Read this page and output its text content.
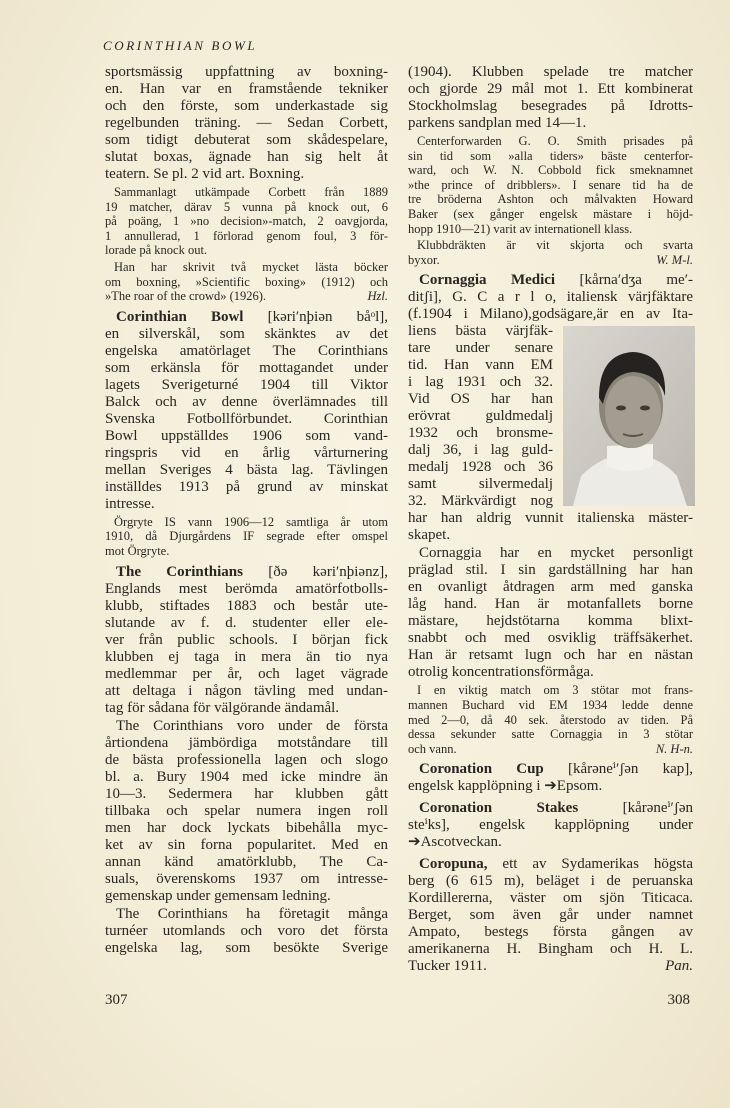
CORINTHIAN BOWL
sportsmässig uppfattning av boxning-
en. Han var en framstående tekniker
och den förste, som underkastade sig
regelbunden träning. — Sedan Corbett,
som tidigt debuterat som skådespelare,
slutat boxas, ägnade han sig helt åt
teatern. Se pl. 2 vid art. Boxning.
Sammanlagt utkämpade Corbett från 1889
19 matcher, därav 5 vunna på knock out, 6
på poäng, 1 »no decision»-match, 2 oavgjorda,
1 annullerad, 1 förlorad genom foul, 3 för-
lorade på knock out.
Han har skrivit två mycket lästa böcker
om boxning, »Scientific boxing» (1912) och
Hzl.
»The roar of the crowd» (1926).
Corinthian Bowl [kəri′nþiən båᵒl],
en silverskål, som skänktes av det
engelska amatörlaget The Corinthians
som erkänsla för mottagandet under
lagets Sverigeturné 1904 till Viktor
Balck och av denne överlämnades till
Svenska Fotbollförbundet. Corinthian
Bowl uppställdes 1906 som vand-
ringspris vid en årlig vårturnering
mellan Sveriges 4 bästa lag. Tävlingen
inställdes 1913 på grund av minskat
intresse.
Örgryte IS vann 1906—12 samtliga år utom
1910, då Djurgårdens IF segrade efter omspel
mot Örgryte.
The Corinthians [ðə kəri′nþiənz],
Englands mest berömda amatörfotbolls-
klubb, stiftades 1883 och består ute-
slutande av f. d. studenter eller ele-
ver från public schools. I början fick
klubben ej taga in mera än tio nya
medlemmar per år, och laget vägrade
att deltaga i någon tävling med undan-
tag för sådana för välgörande ändamål.
The Corinthians voro under de första
årtiondena jämbördiga motståndare till
de bästa professionella lagen och slogo
bl. a. Bury 1904 med icke mindre än
10—3. Sedermera har klubben gått
tillbaka och spelar numera ingen roll
men har dock lyckats bibehålla myc-
ket av sin forna popularitet. Med en
annan känd amatörklubb, The Ca-
suals, överenskoms 1937 om intresse-
gemenskap under gemensam ledning.
The Corinthians ha företagit många
turnéer utomlands och voro det första
engelska lag, som besökte Sverige
(1904). Klubben spelade tre matcher
och gjorde 29 mål mot 1. Ett kombinerat
Stockholmslag besegrades på Idrotts-
parkens sandplan med 14—1.
Centerforwarden G. O. Smith prisades på
sin tid som »alla tiders» bäste centerfor-
ward, och W. N. Cobbold fick smeknamnet
»the prince of dribblers». I senare tid ha de
tre bröderna Ashton och målvakten Howard
Baker (sex gånger engelsk mästare i höjd-
hopp 1910—21) varit av internationell klass.
Klubbdräkten är vit skjorta och svarta
W. M-l.
byxor.
Cornaggia Medici [kårna′dʒa me′-
ditʃi], G. C a r l o, italiensk värjfäktare
(f.1904 i Milano),godsägare,är en av Ita-
liens bästa värjfäk-
tare under senare
tid. Han vann EM
i lag 1931 och 32.
Vid OS har han
erövrat guldmedalj
1932 och bronsme-
dalj 36, i lag guld-
medalj 1928 och 36
samt silvermedalj
32. Märkvärdigt nog
har han aldrig vunnit italienska mäster-
skapet.
Cornaggia har en mycket personligt
präglad stil. I sin gardställning har han
en ovanligt åtdragen arm med ganska
låg hand. Han är motanfallets borne
mästare, hejdstötarna komma blixt-
snabbt och med osviklig träffsäkerhet.
Han är retsamt lugn och har en nästan
otrolig koncentrationsförmåga.
I en viktig match om 3 stötar mot frans-
mannen Buchard vid EM 1934 ledde denne
med 2—0, då 40 sek. återstodo av tiden. På
dessa sekunder satte Cornaggia in 3 stötar
N. H-n.
och vann.
Coronation Cup [kårəneⁱ′ʃən kap],
engelsk kapplöpning i ➔Epsom.
Coronation Stakes [kårəneⁱ′ʃən
steⁱks], engelsk kapplöpning under
➔Ascotveckan.
Coropuna, ett av Sydamerikas högsta
berg (6 615 m), beläget i de peruanska
Kordillererna, väster om sjön Titicaca.
Berget, som även går under namnet
Ampato, bestegs första gången av
amerikanerna H. Bingham och H. L.
Pan.
Tucker 1911.
307	308
